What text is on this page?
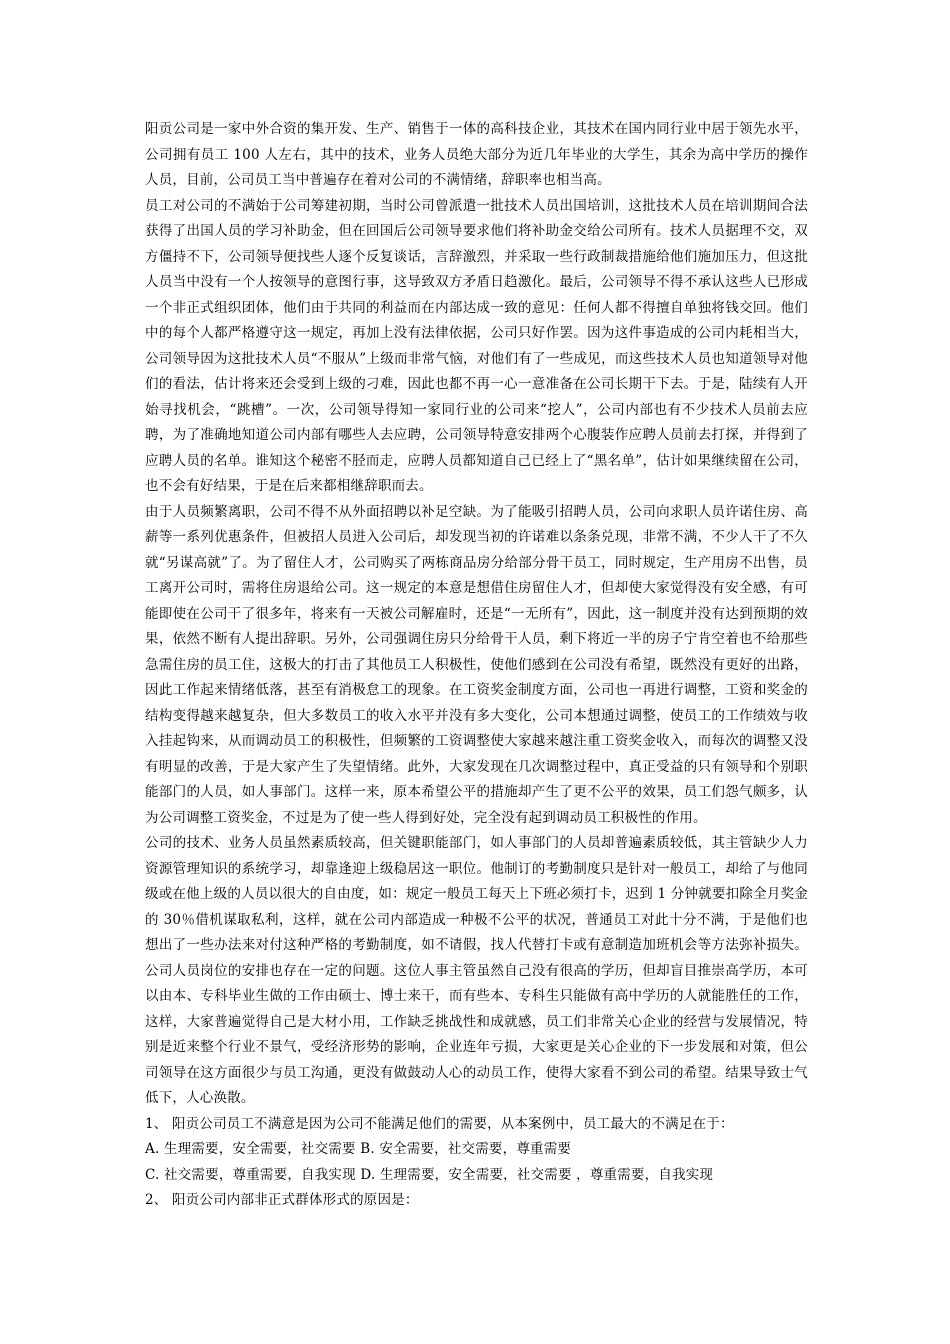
阳贡公司是一家中外合资的集开发、生产、销售于一体的高科技企业，其技术在国内同行业中居于领先水平，公司拥有员工 100 人左右，其中的技术，业务人员绝大部分为近几年毕业的大学生，其余为高中学历的操作人员，目前，公司员工当中普遍存在着对公司的不满情绪，辞职率也相当高。

员工对公司的不满始于公司筹建初期，当时公司曾派遣一批技术人员出国培训，这批技术人员在培训期间合法获得了出国人员的学习补助金，但在回国后公司领导要求他们将补助金交给公司所有。技术人员据理不交，双方僵持不下，公司领导便找些人逐个反复谈话，言辞激烈，并采取一些行政制裁措施给他们施加压力，但这批人员当中没有一个人按领导的意图行事，这导致双方矛盾日趋激化。最后，公司领导不得不承认这些人已形成一个非正式组织团体，他们由于共同的利益而在内部达成一致的意见：任何人都不得擅自单独将钱交回。他们中的每个人都严格遵守这一规定，再加上没有法律依据，公司只好作罢。因为这件事造成的公司内耗相当大，公司领导因为这批技术人员“不服从”上级而非常气恼，对他们有了一些成见，而这些技术人员也知道领导对他们的看法，估计将来还会受到上级的刁难，因此也都不再一心一意准备在公司长期干下去。于是，陆续有人开始寻找机会，“跳槽”。一次，公司领导得知一家同行业的公司来“挖人”，公司内部也有不少技术人员前去应聘，为了准确地知道公司内部有哪些人去应聘，公司领导特意安排两个心腹装作应聘人员前去打探，并得到了应聘人员的名单。谁知这个秘密不胫而走，应聘人员都知道自己已经上了“黑名单”，估计如果继续留在公司，也不会有好结果，于是在后来都相继辞职而去。

由于人员频繁离职，公司不得不从外面招聘以补足空缺。为了能吸引招聘人员，公司向求职人员许诺住房、高薪等一系列优惠条件，但被招人员进入公司后，却发现当初的许诺难以条条兑现，非常不满，不少人干了不久就“另谋高就”了。为了留住人才，公司购买了两栋商品房分给部分骨干员工，同时规定，生产用房不出售，员工离开公司时，需将住房退给公司。这一规定的本意是想借住房留住人才，但却使大家觉得没有安全感，有可能即使在公司干了很多年，将来有一天被公司解雇时，还是“一无所有”，因此，这一制度并没有达到预期的效果，依然不断有人提出辞职。另外，公司强调住房只分给骨干人员，剩下将近一半的房子宁肯空着也不给那些急需住房的员工住，这极大的打击了其他员工人积极性，使他们感到在公司没有希望，既然没有更好的出路，因此工作起来情绪低落，甚至有消极怠工的现象。在工资奖金制度方面，公司也一再进行调整，工资和奖金的结构变得越来越复杂，但大多数员工的收入水平并没有多大变化，公司本想通过调整，使员工的工作绩效与收入挂起钩来，从而调动员工的积极性，但频繁的工资调整使大家越来越注重工资奖金收入，而每次的调整又没有明显的改善，于是大家产生了失望情绪。此外，大家发现在几次调整过程中，真正受益的只有领导和个别职能部门的人员，如人事部门。这样一来，原本希望公平的措施却产生了更不公平的效果，员工们怨气颇多，认为公司调整工资奖金，不过是为了使一些人得到好处，完全没有起到调动员工积极性的作用。

公司的技术、业务人员虽然素质较高，但关键职能部门，如人事部门的人员却普遍素质较低，其主管缺少人力资源管理知识的系统学习，却靠逢迎上级稳居这一职位。他制订的考勤制度只是针对一般员工，却给了与他同级或在他上级的人员以很大的自由度，如：规定一般员工每天上下班必须打卡，迟到 1 分钟就要扣除全月奖金的 30％借机谋取私利，这样，就在公司内部造成一种极不公平的状况，普通员工对此十分不满，于是他们也想出了一些办法来对付这种严格的考勤制度，如不请假，找人代替打卡或有意制造加班机会等方法弥补损失。公司人员岗位的安排也存在一定的问题。这位人事主管虽然自己没有很高的学历，但却盲目推崇高学历，本可以由本、专科毕业生做的工作由硕士、博士来干，而有些本、专科生只能做有高中学历的人就能胜任的工作，这样，大家普遍觉得自己是大材小用，工作缺乏挑战性和成就感，员工们非常关心企业的经营与发展情况，特别是近来整个行业不景气，受经济形势的影响，企业连年亏损，大家更是关心企业的下一步发展和对策，但公司领导在这方面很少与员工沟通，更没有做鼓动人心的动员工作，使得大家看不到公司的希望。结果导致士气低下，人心涣散。

1、 阳贡公司员工不满意是因为公司不能满足他们的需要，从本案例中，员工最大的不满足在于：

A. 生理需要，安全需要，社交需要 B. 安全需要，社交需要，尊重需要

C. 社交需要，尊重需要，自我实现 D. 生理需要，安全需要，社交需要 ，尊重需要，自我实现

2、 阳贡公司内部非正式群体形式的原因是：
